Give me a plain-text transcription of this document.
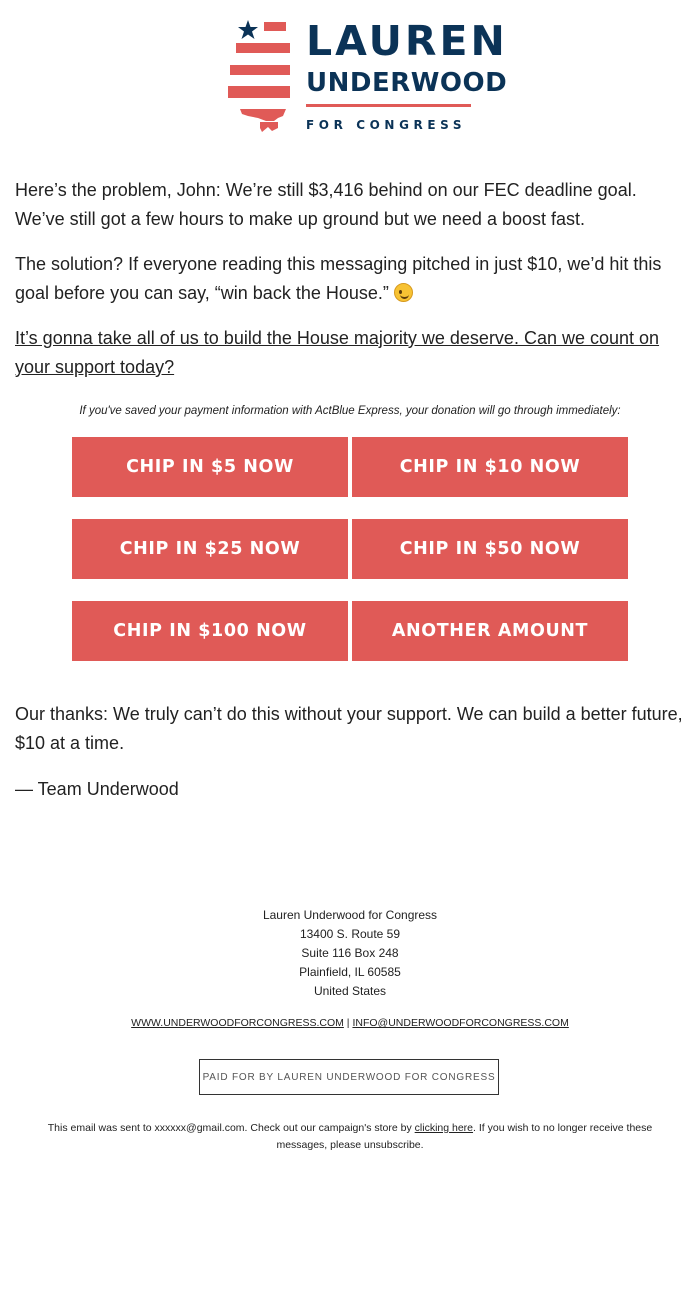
LAUREN
UNDERWOOD
FOR CONGRESS

Here’s the problem, John: We’re still $3,416 behind on our FEC deadline goal. We’ve still got a few hours to make up ground but we need a boost fast.

The solution? If everyone reading this messaging pitched in just $10, we’d hit this goal before you can say, “win back the House.”

It’s gonna take all of us to build the House majority we deserve. Can we count on your support today?

If you've saved your payment information with ActBlue Express, your donation will go through immediately:
CHIP IN $5 NOW	CHIP IN $10 NOW
CHIP IN $25 NOW	CHIP IN $50 NOW
CHIP IN $100 NOW	ANOTHER AMOUNT

Our thanks: We truly can’t do this without your support. We can build a better future, $10 at a time.

— Team Underwood

Lauren Underwood for Congress
13400 S. Route 59
Suite 116 Box 248
Plainfield, IL 60585
United States
WWW.UNDERWOODFORCONGRESS.COM | INFO@UNDERWOODFORCONGRESS.COM
PAID FOR BY LAUREN UNDERWOOD FOR CONGRESS
This email was sent to xxxxxx@gmail.com. Check out our campaign's store by clicking here. If you wish to no longer receive these messages, please unsubscribe.
